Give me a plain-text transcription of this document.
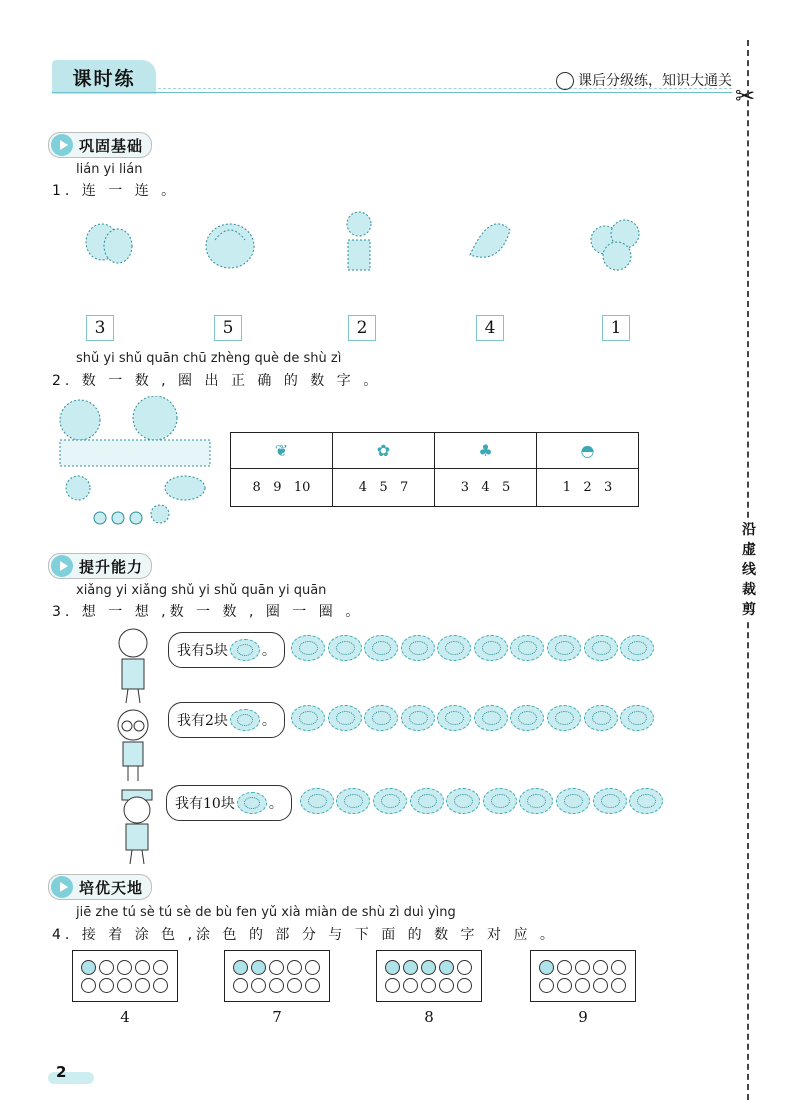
课时练	课后分级练，知识大通关
✂
沿
虚
线
裁
剪
巩固基础
lián yi lián
1. 连 一 连 。
3	5	2	4	1
shǔ yi shǔ quān chū zhèng què de shù zì
2. 数 一 数 , 圈 出 正 确 的 数 字 。
❦	✿	♣	◓
8   9   10	4   5   7	3   4   5	1   2   3
提升能力
xiǎng yi xiǎng shǔ yi shǔ quān yi quān
3. 想 一 想 ,数 一 数 , 圈 一 圈 。
我有5块 。
我有2块 。
我有10块 。
培优天地
jiē zhe tú sè tú sè de bù fen yǔ xià miàn de shù zì duì yìng
4. 接 着 涂 色 ,涂 色 的 部 分 与 下 面 的 数 字 对 应 。
4	7	8	9
2
